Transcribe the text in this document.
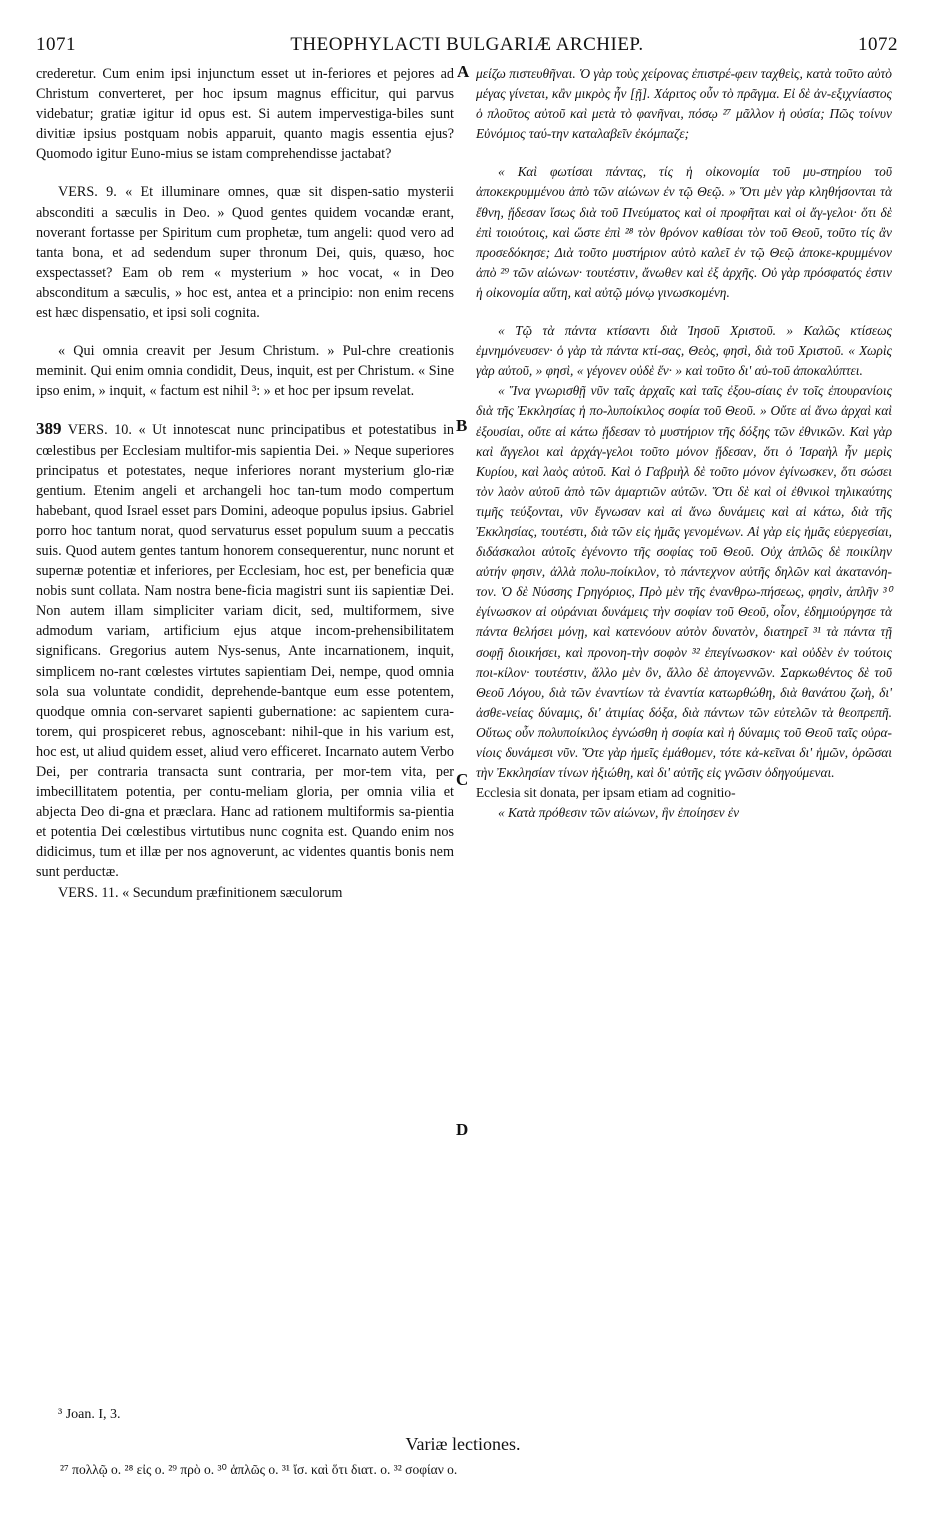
1071	THEOPHYLACTI BULGARIÆ ARCHIEP.	1072
A
B
C
D

crederetur. Cum enim ipsi injunctum esset ut in-feriores et pejores ad Christum converteret, per hoc ipsum magnus efficitur, qui parvus videbatur; gratiæ igitur id opus est. Si autem impervestiga-biles sunt divitiæ ipsius postquam nobis apparuit, quanto magis essentia ejus? Quomodo igitur Euno-mius se istam comprehendisse jactabat?

VERS. 9. « Et illuminare omnes, quæ sit dispen-satio mysterii absconditi a sæculis in Deo. » Quod gentes quidem vocandæ erant, noverant fortasse per Spiritum cum prophetæ, tum angeli: quod vero ad tanta bona, et ad sedendum super thronum Dei, quis, quæso, hoc exspectasset? Eam ob rem « mysterium » hoc vocat, « in Deo absconditum a sæculis, » hoc est, antea et a principio: non enim recens est hæc dispensatio, et ipsi soli cognita.

« Qui omnia creavit per Jesum Christum. » Pul-chre creationis meminit. Qui enim omnia condidit, Deus, inquit, est per Christum. « Sine ipso enim, » inquit, « factum est nihil ³: » et hoc per ipsum revelat.

389 VERS. 10. « Ut innotescat nunc principatibus et potestatibus in cœlestibus per Ecclesiam multifor-mis sapientia Dei. » Neque superiores principatus et potestates, neque inferiores norant mysterium glo-riæ gentium. Etenim angeli et archangeli hoc tan-tum modo compertum habebant, quod Israel esset pars Domini, adeoque populus ipsius. Gabriel porro hoc tantum norat, quod servaturus esset populum suum a peccatis suis. Quod autem gentes tantum honorem consequerentur, nunc norunt et supernæ potentiæ et inferiores, per Ecclesiam, hoc est, per beneficia quæ nobis sunt collata. Nam nostra bene-ficia magistri sunt iis sapientiæ Dei. Non autem illam simpliciter variam dicit, sed, multiformem, sive admodum variam, artificium ejus atque incom-prehensibilitatem significans. Gregorius autem Nys-senus, Ante incarnationem, inquit, simplicem no-rant cœlestes virtutes sapientiam Dei, nempe, quod omnia sola sua voluntate condidit, deprehende-bantque eum esse potentem, quodque omnia con-servaret sapienti gubernatione: ac sapientem cura-torem, qui prospiceret rebus, agnoscebant: nihil-que in his varium est, hoc est, ut aliud quidem esset, aliud vero efficeret. Incarnato autem Verbo Dei, per contraria transacta sunt contraria, per mor-tem vita, per imbecillitatem potentia, per contu-meliam gloria, per omnia vilia et abjecta Deo di-gna et præclara. Hanc ad rationem multiformis sa-pientia et potentia Dei cœlestibus virtutibus nunc cognita est. Quando enim nos didicimus, tum et illæ per nos agnoverunt, ac videntes quantis bonis nem sunt perductæ.

VERS. 11. « Secundum præfinitionem sæculorum

μείζω πιστευθῆναι. Ὁ γὰρ τοὺς χείρονας ἐπιστρέ-φειν ταχθεὶς, κατὰ τοῦτο αὐτὸ μέγας γίνεται, κἂν μικρὸς ἦν [ῇ]. Χάριτος οὖν τὸ πρᾶγμα. Εἰ δὲ ἀν-εξιχνίαστος ὁ πλοῦτος αὐτοῦ καὶ μετὰ τὸ φανῆναι, πόσῳ ²⁷ μᾶλλον ἡ οὐσία; Πῶς τοίνυν Εὐνόμιος ταύ-την καταλαβεῖν ἐκόμπαζε;

« Καὶ φωτίσαι πάντας, τίς ἡ οἰκονομία τοῦ μυ-στηρίου τοῦ ἀποκεκρυμμένου ἀπὸ τῶν αἰώνων ἐν τῷ Θεῷ. » Ὅτι μὲν γὰρ κληθήσονται τὰ ἔθνη, ᾔδεσαν ἴσως διὰ τοῦ Πνεύματος καὶ οἱ προφῆται καὶ οἱ ἄγ-γελοι· ὅτι δὲ ἐπὶ τοιούτοις, καὶ ὥστε ἐπὶ ²⁸ τὸν θρόνον καθίσαι τὸν τοῦ Θεοῦ, τοῦτο τίς ἂν προσεδόκησε; Διὰ τοῦτο μυστήριον αὐτὸ καλεῖ ἐν τῷ Θεῷ ἀποκε-κρυμμένον ἀπὸ ²⁹ τῶν αἰώνων· τουτέστιν, ἄνωθεν καὶ ἐξ ἀρχῆς. Οὐ γὰρ πρόσφατός ἐστιν ἡ οἰκονομία αὕτη, καὶ αὐτῷ μόνῳ γινωσκομένη.

« Τῷ τὰ πάντα κτίσαντι διὰ Ἰησοῦ Χριστοῦ. » Καλῶς κτίσεως ἐμνημόνευσεν· ὁ γὰρ τὰ πάντα κτί-σας, Θεὸς, φησὶ, διὰ τοῦ Χριστοῦ. « Χωρὶς γὰρ αὐτοῦ, » φησὶ, « γέγονεν οὐδὲ ἕν· » καὶ τοῦτο δι' αὐ-τοῦ ἀποκαλύπτει.

« Ἵνα γνωρισθῇ νῦν ταῖς ἀρχαῖς καὶ ταῖς ἐξου-σίαις ἐν τοῖς ἐπουρανίοις διὰ τῆς Ἐκκλησίας ἡ πο-λυποίκιλος σοφία τοῦ Θεοῦ. » Οὔτε αἱ ἄνω ἀρχαὶ καὶ ἐξουσίαι, οὔτε αἱ κάτω ᾔδεσαν τὸ μυστήριον τῆς δόξης τῶν ἐθνικῶν. Καὶ γὰρ καὶ ἄγγελοι καὶ ἀρχάγ-γελοι τοῦτο μόνον ᾔδεσαν, ὅτι ὁ Ἰσραὴλ ἦν μερὶς Κυρίου, καὶ λαὸς αὐτοῦ. Καὶ ὁ Γαβριὴλ δὲ τοῦτο μόνον ἐγίνωσκεν, ὅτι σώσει τὸν λαὸν αὐτοῦ ἀπὸ τῶν ἁμαρτιῶν αὐτῶν. Ὅτι δὲ καὶ οἱ ἐθνικοὶ τηλικαύτης τιμῆς τεύξονται, νῦν ἔγνωσαν καὶ αἱ ἄνω δυνάμεις καὶ αἱ κάτω, διὰ τῆς Ἐκκλησίας, τουτέστι, διὰ τῶν εἰς ἡμᾶς γενομένων. Αἱ γὰρ εἰς ἡμᾶς εὐεργεσίαι, διδάσκαλοι αὐτοῖς ἐγένοντο τῆς σοφίας τοῦ Θεοῦ. Οὐχ ἁπλῶς δὲ ποικίλην αὐτήν φησιν, ἀλλὰ πολυ-ποίκιλον, τὸ πάντεχνον αὐτῆς δηλῶν καὶ ἀκατανόη-τον. Ὁ δὲ Νύσσης Γρηγόριος, Πρὸ μὲν τῆς ἐνανθρω-πήσεως, φησὶν, ἁπλῆν ³⁰ ἐγίνωσκον αἱ οὐράνιαι δυνάμεις τὴν σοφίαν τοῦ Θεοῦ, οἷον, ἐδημιούργησε τὰ πάντα θελήσει μόνῃ, καὶ κατενόουν αὐτὸν δυνατὸν, διατηρεῖ ³¹ τὰ πάντα τῇ σοφῇ διοικήσει, καὶ προνοη-τὴν σοφὸν ³² ἐπεγίνωσκον· καὶ οὐδὲν ἐν τούτοις ποι-κίλον· τουτέστιν, ἄλλο μὲν ὂν, ἄλλο δὲ ἀπογεννῶν. Σαρκωθέντος δὲ τοῦ Θεοῦ Λόγου, διὰ τῶν ἐναντίων τὰ ἐναντία κατωρθώθη, διὰ θανάτου ζωὴ, δι' ἀσθε-νείας δύναμις, δι' ἀτιμίας δόξα, διὰ πάντων τῶν εὐτελῶν τὰ θεοπρεπῆ. Οὕτως οὖν πολυποίκιλος ἐγνώσθη ἡ σοφία καὶ ἡ δύναμις τοῦ Θεοῦ ταῖς οὐρα-νίοις δυνάμεσι νῦν. Ὅτε γὰρ ἡμεῖς ἐμάθομεν, τότε κἀ-κεῖναι δι' ἡμῶν, ὁρῶσαι τὴν Ἐκκλησίαν τίνων ἠξιώθη, καὶ δι' αὐτῆς εἰς γνῶσιν ὁδηγούμεναι.

Ecclesia sit donata, per ipsam etiam ad cognitio-

« Κατὰ πρόθεσιν τῶν αἰώνων, ἣν ἐποίησεν ἐν

³ Joan. I, 3.
Variæ lectiones.
²⁷ πολλῷ o. ²⁸ εἰς o. ²⁹ πρὸ o. ³⁰ ἁπλῶς o. ³¹ ἴσ. καὶ ὅτι διατ. o. ³² σοφίαν o.
